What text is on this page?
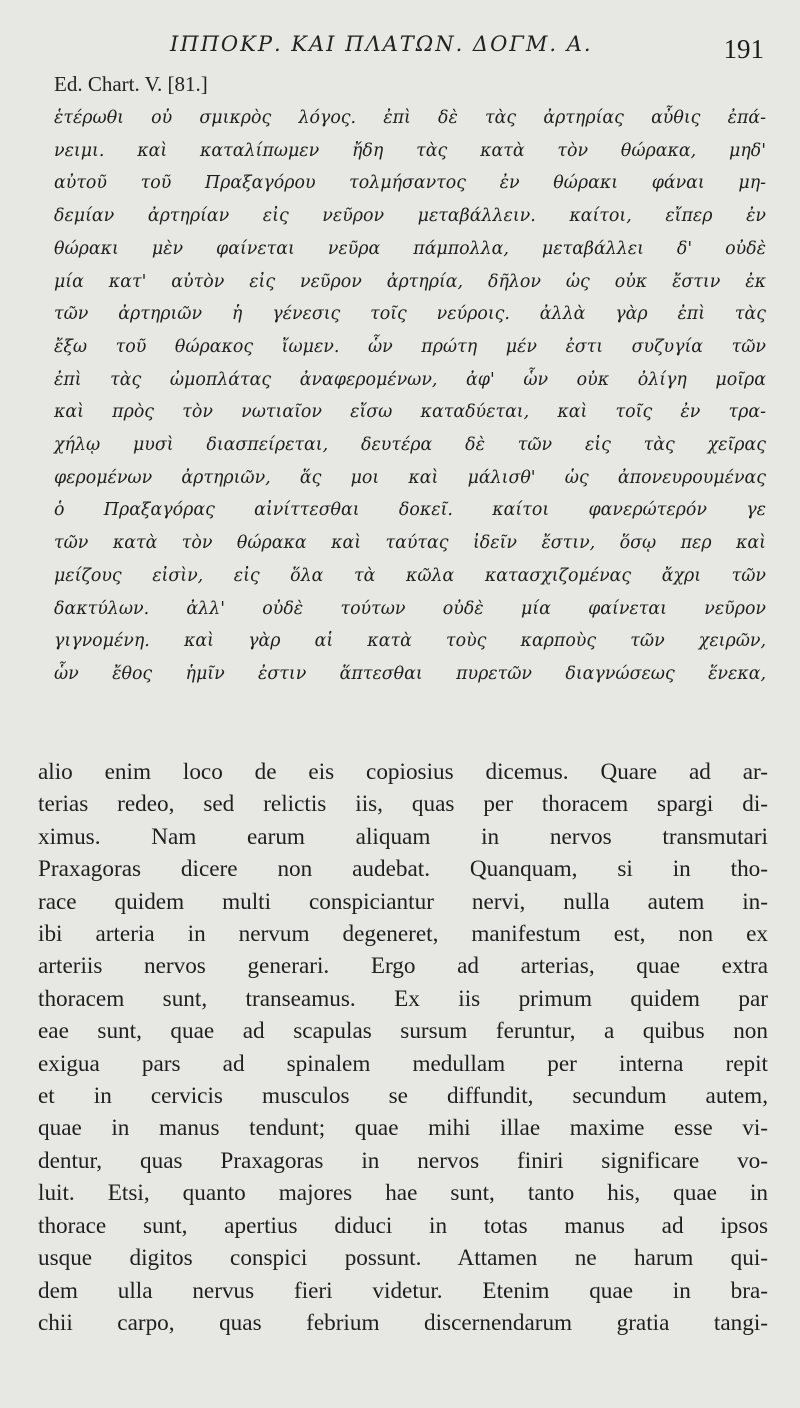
ΙΠΠΟΚΡ. ΚΑΙ ΠΛΑΤΩΝ. ΔΟΓΜ. Α.	191
Ed. Chart. V. [81.]
ἑτέρωθι οὐ σμικρὸς λόγος. ἐπὶ δὲ τὰς ἀρτηρίας αὖθις ἐπά-
νειμι. καὶ καταλίπωμεν ἤδη τὰς κατὰ τὸν θώρακα, μηδ'
αὐτοῦ τοῦ Πραξαγόρου τολμήσαντος ἐν θώρακι φάναι μη-
δεμίαν ἀρτηρίαν εἰς νεῦρον μεταβάλλειν. καίτοι, εἴπερ ἐν
θώρακι μὲν φαίνεται νεῦρα πάμπολλα, μεταβάλλει δ' οὐδὲ
μία κατ' αὐτὸν εἰς νεῦρον ἀρτηρία, δῆλον ὡς οὐκ ἔστιν ἐκ
τῶν ἀρτηριῶν ἡ γένεσις τοῖς νεύροις. ἀλλὰ γὰρ ἐπὶ τὰς
ἔξω τοῦ θώρακος ἴωμεν. ὧν πρώτη μέν ἐστι συζυγία τῶν
ἐπὶ τὰς ὠμοπλάτας ἀναφερομένων, ἀφ' ὧν οὐκ ὀλίγη μοῖρα
καὶ πρὸς τὸν νωτιαῖον εἴσω καταδύεται, καὶ τοῖς ἐν τρα-
χήλῳ μυσὶ διασπείρεται, δευτέρα δὲ τῶν εἰς τὰς χεῖρας
φερομένων ἀρτηριῶν, ἅς μοι καὶ μάλισθ' ὡς ἀπονευρουμένας
ὁ Πραξαγόρας αἰνίττεσθαι δοκεῖ. καίτοι φανερώτερόν γε
τῶν κατὰ τὸν θώρακα καὶ ταύτας ἰδεῖν ἔστιν, ὅσῳ περ καὶ
μείζους εἰσὶν, εἰς ὅλα τὰ κῶλα κατασχιζομένας ἄχρι τῶν
δακτύλων. ἀλλ' οὐδὲ τούτων οὐδὲ μία φαίνεται νεῦρον
γιγνομένη. καὶ γὰρ αἱ κατὰ τοὺς καρποὺς τῶν χειρῶν,
ὧν ἔθος ἡμῖν ἐστιν ἅπτεσθαι πυρετῶν διαγνώσεως ἕνεκα,
alio enim loco de eis copiosius dicemus. Quare ad ar-
terias redeo, sed relictis iis, quas per thoracem spargi di-
ximus. Nam earum aliquam in nervos transmutari
Praxagoras dicere non audebat. Quanquam, si in tho-
race quidem multi conspiciantur nervi, nulla autem in-
ibi arteria in nervum degeneret, manifestum est, non ex
arteriis nervos generari. Ergo ad arterias, quae extra
thoracem sunt, transeamus. Ex iis primum quidem par
eae sunt, quae ad scapulas sursum feruntur, a quibus non
exigua pars ad spinalem medullam per interna repit
et in cervicis musculos se diffundit, secundum autem,
quae in manus tendunt; quae mihi illae maxime esse vi-
dentur, quas Praxagoras in nervos finiri significare vo-
luit. Etsi, quanto majores hae sunt, tanto his, quae in
thorace sunt, apertius diduci in totas manus ad ipsos
usque digitos conspici possunt. Attamen ne harum qui-
dem ulla nervus fieri videtur. Etenim quae in bra-
chii carpo, quas febrium discernendarum gratia tangi-
